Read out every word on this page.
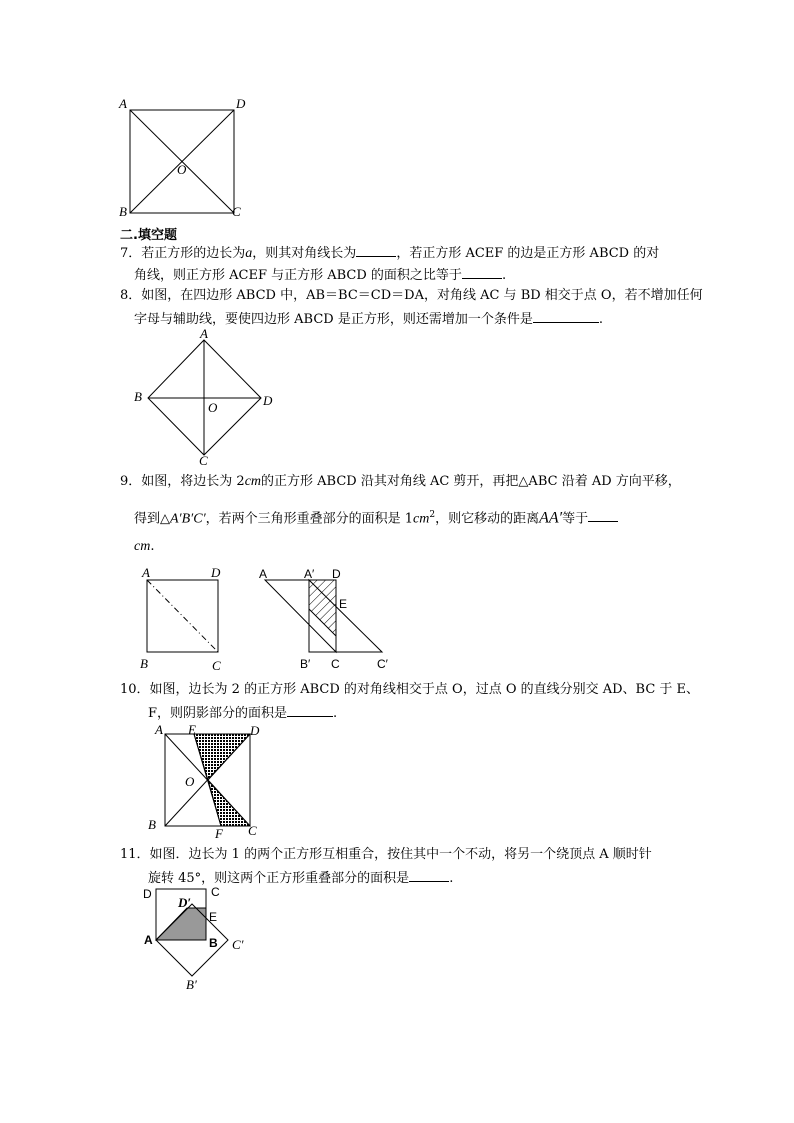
A	D
B	C
O
二.填空题
7．若正方形的边长为a，则其对角线长为	，若正方形 ACEF 的边是正方形 ABCD 的对
角线，则正方形 ACEF 与正方形 ABCD 的面积之比等于	.
8．如图，在四边形 ABCD 中，AB＝BC＝CD＝DA，对角线 AC 与 BD 相交于点 O，若不增加任何
字母与辅助线，要使四边形 ABCD 是正方形，则还需增加一个条件是	.
A
B	D
C
O
9．如图，将边长为 2cm的正方形 ABCD 沿其对角线 AC 剪开，再把△ABC 沿着 AD 方向平移，
得到△A′B′C′，若两个三角形重叠部分的面积是 $1cm^2$，则它移动的距离AA′等于
cm.
A	D
B	C
A	A′ D
E
B′ C	C′
10．如图，边长为 2 的正方形 ABCD 的对角线相交于点 O，过点 O 的直线分别交 AD、BC 于 E、
F，则阴影部分的面积是	.
A E	D
O
B
F C
11．如图．边长为 1 的两个正方形互相重合，按住其中一个不动，将另一个绕顶点 A 顺时针
旋转 45°，则这两个正方形重叠部分的面积是	.
D	C
D′
E
A	B C′
B′
